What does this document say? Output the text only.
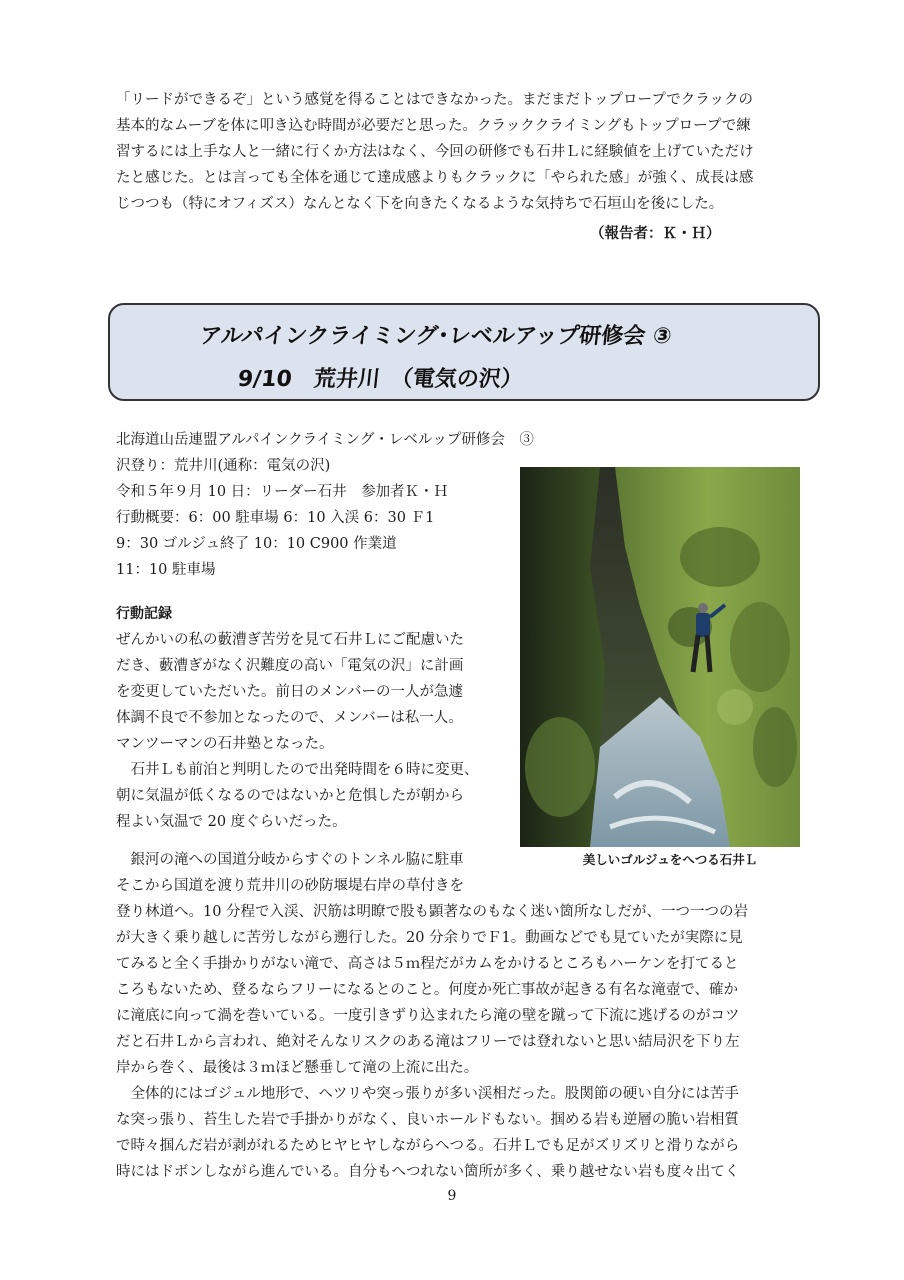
「リードができるぞ」という感覚を得ることはできなかった。まだまだトップロープでクラックの
基本的なムーブを体に叩き込む時間が必要だと思った。クラッククライミングもトップロープで練
習するには上手な人と一緒に行くか方法はなく、今回の研修でも石井Ｌに経験値を上げていただけ
たと感じた。とは言っても全体を通じて達成感よりもクラックに「やられた感」が強く、成長は感
じつつも（特にオフィズス）なんとなく下を向きたくなるような気持ちで石垣山を後にした。
（報告者：Ｋ・Ｈ）
アルパインクライミング･レベルアップ研修会 ③
9/10　荒井川　（電気の沢）
北海道山岳連盟アルパインクライミング・レベルップ研修会　③
沢登り：荒井川(通称：電気の沢)
令和５年９月 10 日：リーダー石井　参加者Ｋ・Ｈ
行動概要：6：00 駐車場 6：10 入渓 6：30 Ｆ1
9：30 ゴルジュ終了 10：10 C900 作業道
11：10 駐車場
行動記録
ぜんかいの私の藪漕ぎ苦労を見て石井Ｌにご配慮いた
だき、藪漕ぎがなく沢難度の高い「電気の沢」に計画
を変更していただいた。前日のメンバーの一人が急遽
体調不良で不参加となったので、メンバーは私一人。
マンツーマンの石井塾となった。
　石井Ｌも前泊と判明したので出発時間を６時に変更、
朝に気温が低くなるのではないかと危惧したが朝から
程よい気温で 20 度ぐらいだった。
　銀河の滝への国道分岐からすぐのトンネル脇に駐車
そこから国道を渡り荒井川の砂防堰堤右岸の草付きを
美しいゴルジュをへつる石井Ｌ
登り林道へ。10 分程で入渓、沢筋は明瞭で股も顕著なのもなく迷い箇所なしだが、一つ一つの岩
が大きく乗り越しに苦労しながら遡行した。20 分余りでＦ1。動画などでも見ていたが実際に見
てみると全く手掛かりがない滝で、高さは５ｍ程だがカムをかけるところもハーケンを打てると
ころもないため、登るならフリーになるとのこと。何度か死亡事故が起きる有名な滝壺で、確か
に滝底に向って渦を巻いている。一度引きずり込まれたら滝の壁を蹴って下流に逃げるのがコツ
だと石井Ｌから言われ、絶対そんなリスクのある滝はフリーでは登れないと思い結局沢を下り左
岸から巻く、最後は３ｍほど懸垂して滝の上流に出た。
　全体的にはゴジュル地形で、ヘツリや突っ張りが多い渓相だった。股関節の硬い自分には苦手
な突っ張り、苔生した岩で手掛かりがなく、良いホールドもない。掴める岩も逆層の脆い岩相質
で時々掴んだ岩が剥がれるためヒヤヒヤしながらへつる。石井Ｌでも足がズリズリと滑りながら
時にはドボンしながら進んでいる。自分もへつれない箇所が多く、乗り越せない岩も度々出てく
9
